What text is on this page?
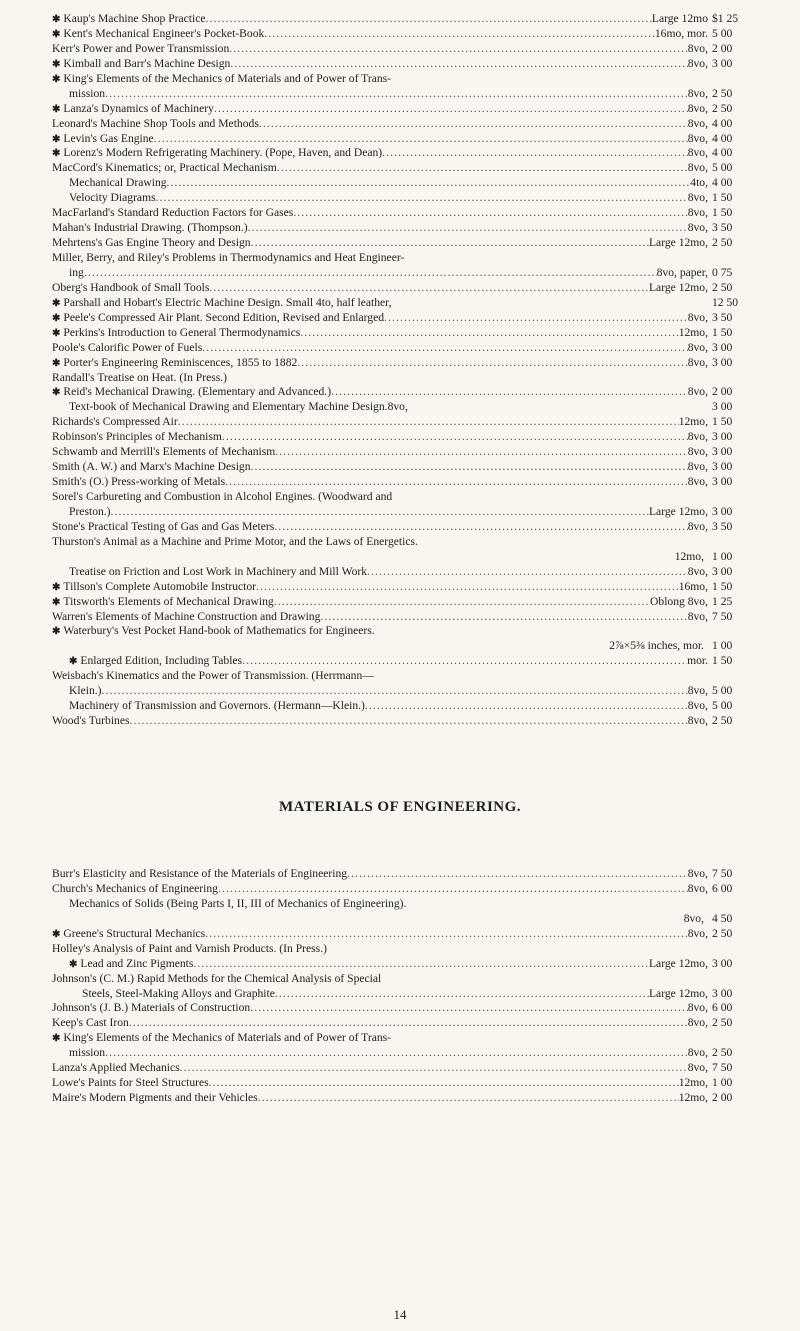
✱ Kaup's Machine Shop Practice .....	Large 12mo $1 25
✱ Kent's Mechanical Engineer's Pocket-Book .....	16mo, mor. 5 00
Kerr's Power and Power Transmission .....	8vo, 2 00
✱ Kimball and Barr's Machine Design .....	8vo, 3 00
✱ King's Elements of the Mechanics of Materials and of Power of Trans-
mission .....	8vo, 2 50
✱ Lanza's Dynamics of Machinery .....	8vo, 2 50
Leonard's Machine Shop Tools and Methods .....	8vo, 4 00
✱ Levin's Gas Engine .....	8vo, 4 00
✱ Lorenz's Modern Refrigerating Machinery. (Pope, Haven, and Dean) .....	8vo, 4 00
MacCord's Kinematics; or, Practical Mechanism .....	8vo, 5 00
Mechanical Drawing .....	4to, 4 00
Velocity Diagrams .....	8vo, 1 50
MacFarland's Standard Reduction Factors for Gases .....	8vo, 1 50
Mahan's Industrial Drawing. (Thompson.) .....	8vo, 3 50
Mehrtens's Gas Engine Theory and Design .....	Large 12mo, 2 50
Miller, Berry, and Riley's Problems in Thermodynamics and Heat Engineer-
ing .....	8vo, paper, 0 75
Oberg's Handbook of Small Tools .....	Large 12mo, 2 50
✱ Parshall and Hobart's Electric Machine Design. Small 4to, half leather,	12 50
✱ Peele's Compressed Air Plant. Second Edition, Revised and Enlarged .....	8vo, 3 50
✱ Perkins's Introduction to General Thermodynamics .....	12mo, 1 50
Poole's Calorific Power of Fuels .....	8vo, 3 00
✱ Porter's Engineering Reminiscences, 1855 to 1882 .....	8vo, 3 00
Randall's Treatise on Heat. (In Press.)
✱ Reid's Mechanical Drawing. (Elementary and Advanced.) .....	8vo, 2 00
Text-book of Mechanical Drawing and Elementary Machine Design. 8vo,	3 00
Richards's Compressed Air .....	12mo, 1 50
Robinson's Principles of Mechanism .....	8vo, 3 00
Schwamb and Merrill's Elements of Mechanism .....	8vo, 3 00
Smith (A. W.) and Marx's Machine Design .....	8vo, 3 00
Smith's (O.) Press-working of Metals .....	8vo, 3 00
Sorel's Carbureting and Combustion in Alcohol Engines. (Woodward and
Preston.) .....	Large 12mo, 3 00
Stone's Practical Testing of Gas and Gas Meters .....	8vo, 3 50
Thurston's Animal as a Machine and Prime Motor, and the Laws of Energetics.
12mo, 1 00
Treatise on Friction and Lost Work in Machinery and Mill Work .....	8vo, 3 00
✱ Tillson's Complete Automobile Instructor .....	16mo, 1 50
✱ Titsworth's Elements of Mechanical Drawing .....	Oblong 8vo, 1 25
Warren's Elements of Machine Construction and Drawing .....	8vo, 7 50
✱ Waterbury's Vest Pocket Hand-book of Mathematics for Engineers.
2⅞×5⅜ inches, mor. 1 00
✱ Enlarged Edition, Including Tables .....	mor. 1 50
Weisbach's Kinematics and the Power of Transmission. (Herrmann—
Klein.) .....	8vo, 5 00
Machinery of Transmission and Governors. (Hermann—Klein.) .....	8vo, 5 00
Wood's Turbines .....	8vo, 2 50
MATERIALS OF ENGINEERING.
Burr's Elasticity and Resistance of the Materials of Engineering .....	8vo, 7 50
Church's Mechanics of Engineering .....	8vo, 6 00
Mechanics of Solids (Being Parts I, II, III of Mechanics of Engineering).
8vo, 4 50
✱ Greene's Structural Mechanics .....	8vo, 2 50
Holley's Analysis of Paint and Varnish Products. (In Press.)
✱ Lead and Zinc Pigments .....	Large 12mo, 3 00
Johnson's (C. M.) Rapid Methods for the Chemical Analysis of Special
Steels, Steel-Making Alloys and Graphite .....	Large 12mo, 3 00
Johnson's (J. B.) Materials of Construction .....	8vo, 6 00
Keep's Cast Iron .....	8vo, 2 50
✱ King's Elements of the Mechanics of Materials and of Power of Trans-
mission .....	8vo, 2 50
Lanza's Applied Mechanics .....	8vo, 7 50
Lowe's Paints for Steel Structures .....	12mo, 1 00
Maire's Modern Pigments and their Vehicles .....	12mo, 2 00
14
